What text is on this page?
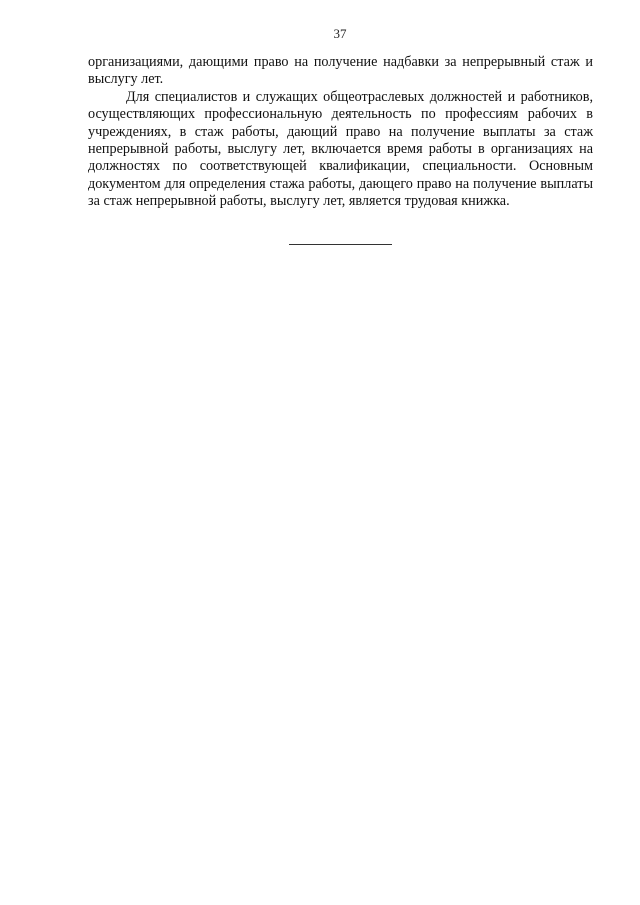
37

организациями, дающими право на получение надбавки за непрерывный стаж и выслугу лет.

Для специалистов и служащих общеотраслевых должностей и работников, осуществляющих профессиональную деятельность по профессиям рабочих в учреждениях, в стаж работы, дающий право на получение выплаты за стаж непрерывной работы, выслугу лет, включается время работы в организациях на должностях по соответствующей квалификации, специальности. Основным документом для определения стажа работы, дающего право на получение выплаты за стаж непрерывной работы, выслугу лет, является трудовая книжка.
